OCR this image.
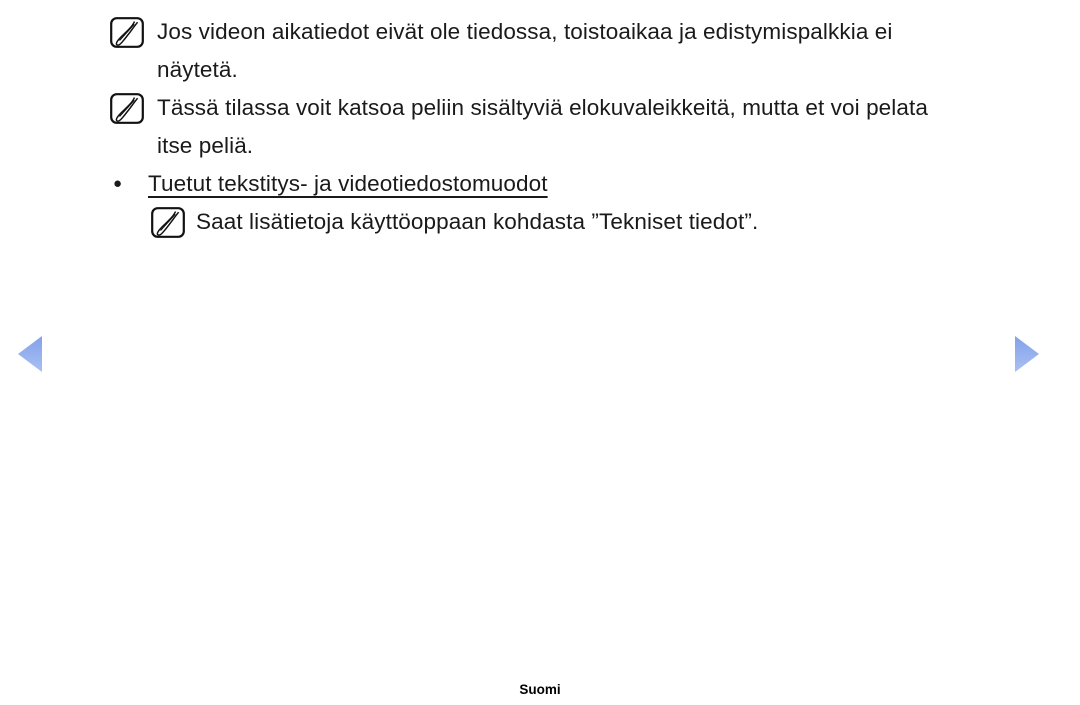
Jos videon aikatiedot eivät ole tiedossa, toistoaikaa ja edistymispalkkia ei
näytetä.
Tässä tilassa voit katsoa peliin sisältyviä elokuvaleikkeitä, mutta et voi pelata
itse peliä.
●	Tuetut tekstitys- ja videotiedostomuodot
Saat lisätietoja käyttöoppaan kohdasta ”Tekniset tiedot”.
Suomi
